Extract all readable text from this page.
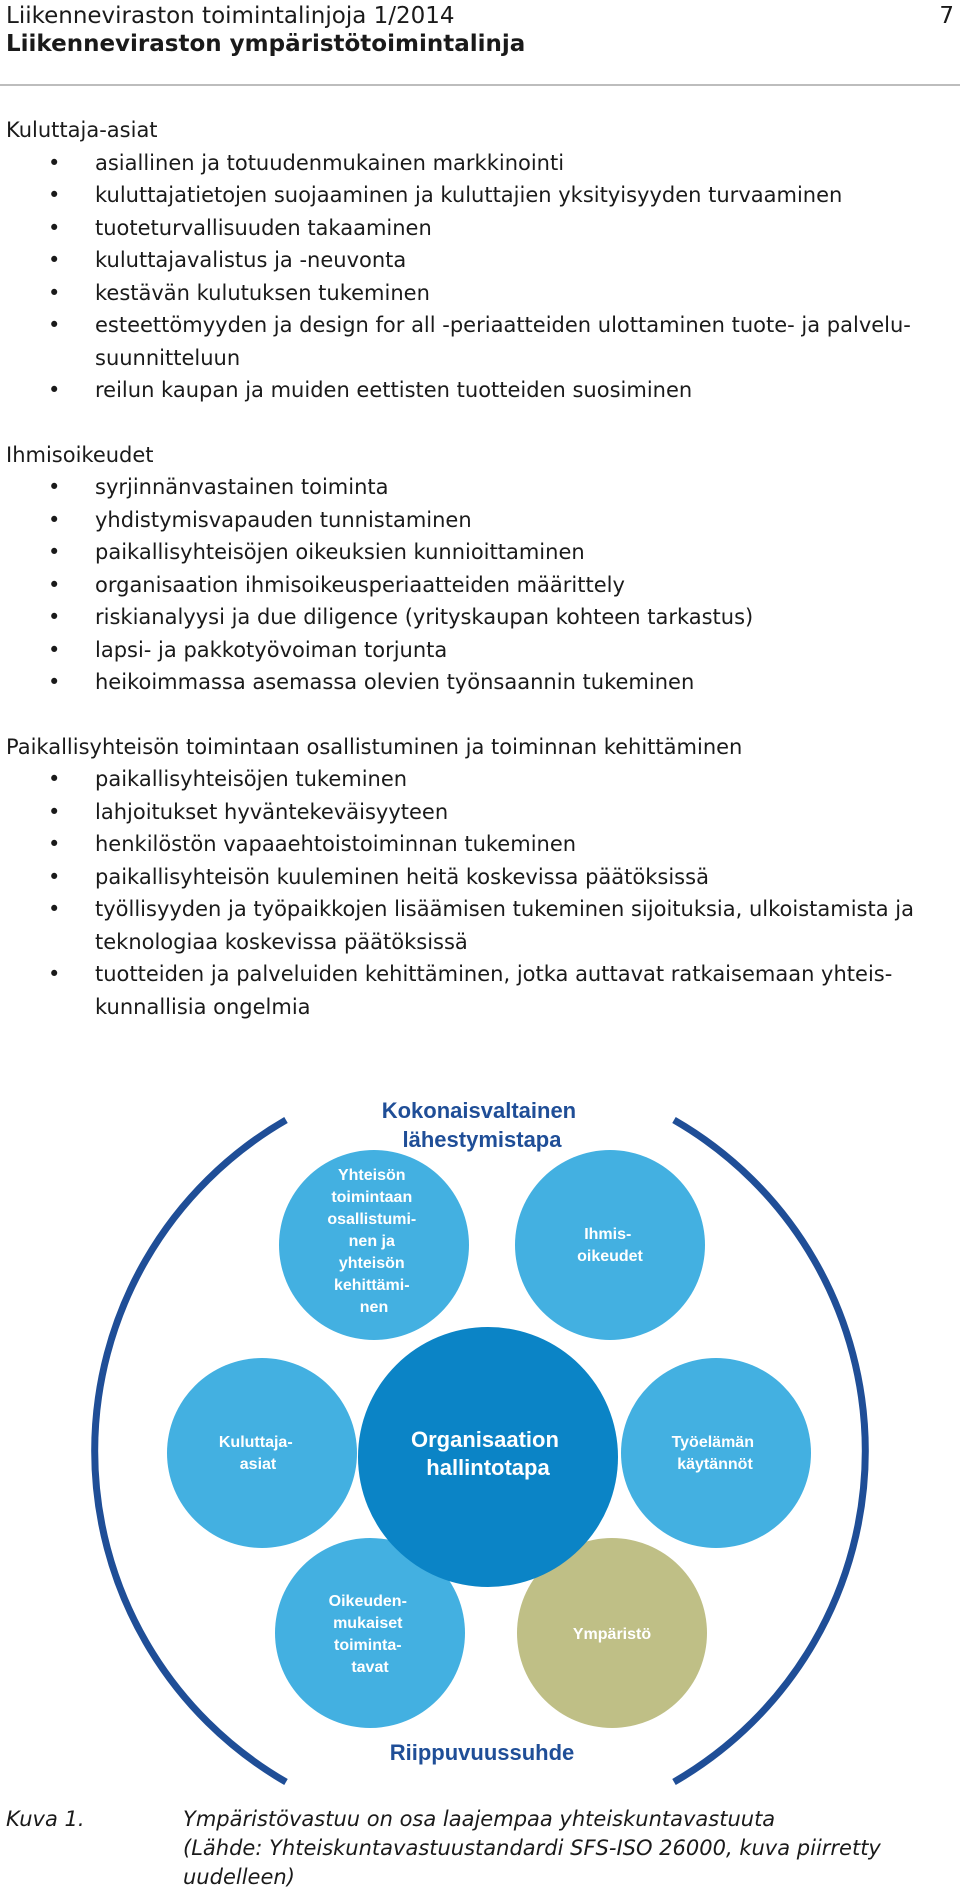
Liikenneviraston toimintalinjoja 1/2014
Liikenneviraston ympäristötoimintalinja
7
Kuluttaja-asiat
• asiallinen ja totuudenmukainen markkinointi
• kuluttajatietojen suojaaminen ja kuluttajien yksityisyyden turvaaminen
• tuoteturvallisuuden takaaminen
• kuluttajavalistus ja -neuvonta
• kestävän kulutuksen tukeminen
• esteettömyyden ja design for all -periaatteiden ulottaminen tuote- ja palvelu-
suunnitteluun
• reilun kaupan ja muiden eettisten tuotteiden suosiminen
Ihmisoikeudet
• syrjinnänvastainen toiminta
• yhdistymisvapauden tunnistaminen
• paikallisyhteisöjen oikeuksien kunnioittaminen
• organisaation ihmisoikeusperiaatteiden määrittely
• riskianalyysi ja due diligence (yrityskaupan kohteen tarkastus)
• lapsi- ja pakkotyövoiman torjunta
• heikoimmassa asemassa olevien työnsaannin tukeminen
Paikallisyhteisön toimintaan osallistuminen ja toiminnan kehittäminen
• paikallisyhteisöjen tukeminen
• lahjoitukset hyväntekeväisyyteen
• henkilöstön vapaaehtoistoiminnan tukeminen
• paikallisyhteisön kuuleminen heitä koskevissa päätöksissä
• työllisyyden ja työpaikkojen lisäämisen tukeminen sijoituksia, ulkoistamista ja
teknologiaa koskevissa päätöksissä
• tuotteiden ja palveluiden kehittäminen, jotka auttavat ratkaisemaan yhteis-
kunnallisia ongelmia
Kokonaisvaltainen lähestymistapa
Riippuvuussuhde
Yhteisön toimintaan osallistumi- nen ja yhteisön kehittämi- nen
Ihmis- oikeudet
Kuluttaja- asiat
Työelämän käytännöt
Oikeuden- mukaiset toiminta- tavat
Ympäristö
Organisaation hallintotapa
Kuva 1.	Ympäristövastuu on osa laajempaa yhteiskuntavastuuta
(Lähde: Yhteiskuntavastuustandardi SFS-ISO 26000, kuva piirretty
uudelleen)
